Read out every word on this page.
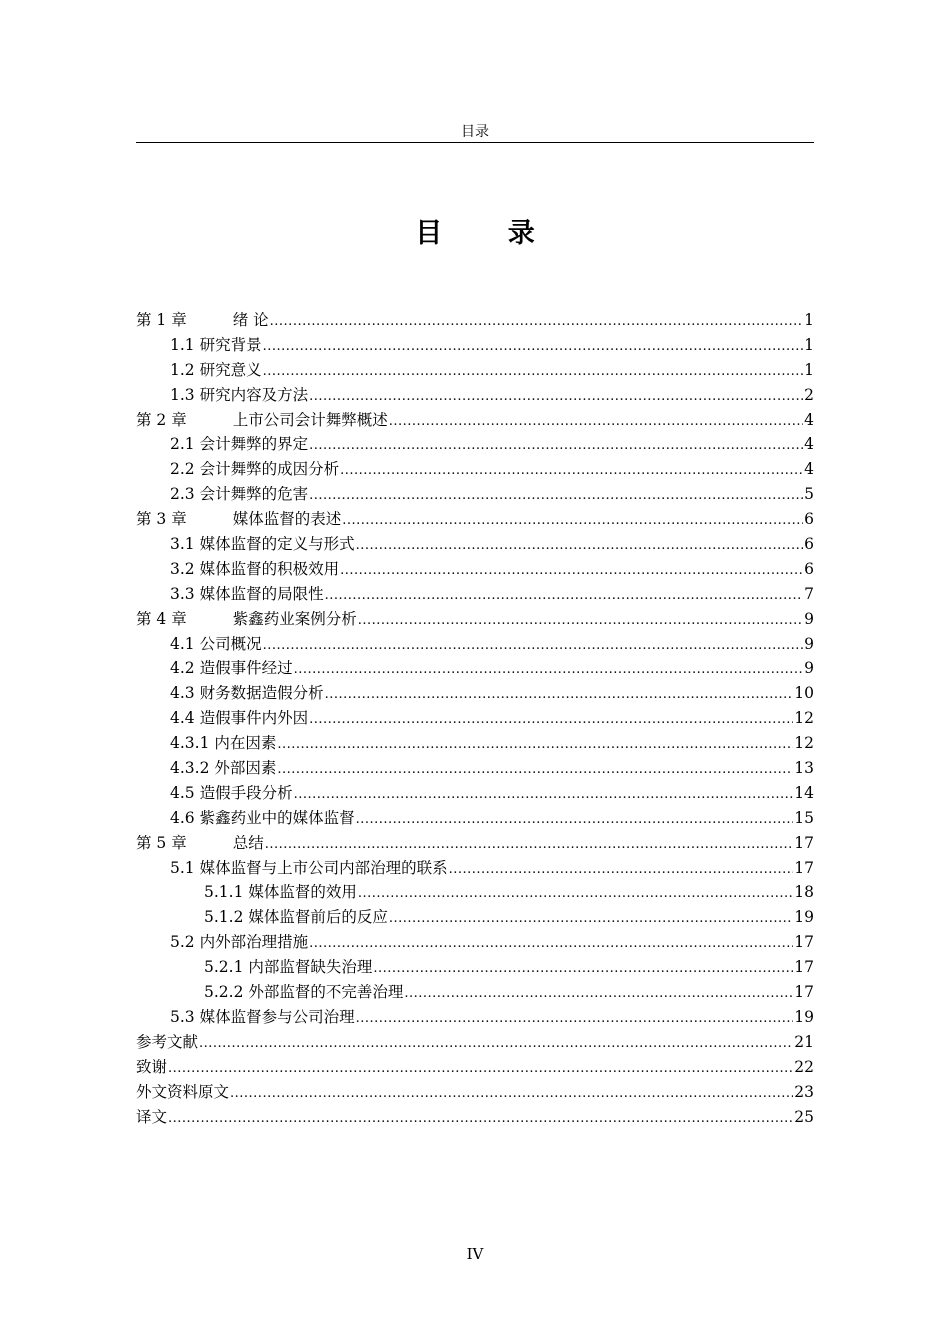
目录
目 录
第 1 章	绪 论 .....	1
1.1 研究背景 .....	1
1.2 研究意义 .....	1
1.3 研究内容及方法 .....	2
第 2 章	上市公司会计舞弊概述 .....	4
2.1 会计舞弊的界定 .....	4
2.2 会计舞弊的成因分析 .....	4
2.3 会计舞弊的危害 .....	5
第 3 章	媒体监督的表述 .....	6
3.1 媒体监督的定义与形式 .....	6
3.2 媒体监督的积极效用 .....	6
3.3 媒体监督的局限性 .....	7
第 4 章	紫鑫药业案例分析 .....	9
4.1 公司概况 .....	9
4.2 造假事件经过 .....	9
4.3 财务数据造假分析 .....	10
4.4 造假事件内外因 .....	12
4.3.1 内在因素 .....	12
4.3.2 外部因素 .....	13
4.5 造假手段分析 .....	14
4.6 紫鑫药业中的媒体监督 .....	15
第 5 章	总结 .....	17
5.1 媒体监督与上市公司内部治理的联系 .....	17
5.1.1 媒体监督的效用 .....	18
5.1.2 媒体监督前后的反应 .....	19
5.2 内外部治理措施 .....	17
5.2.1 内部监督缺失治理 .....	17
5.2.2 外部监督的不完善治理 .....	17
5.3 媒体监督参与公司治理 .....	19
参考文献 .....	21
致谢 .....	22
外文资料原文 .....	23
译文 .....	25
IV
